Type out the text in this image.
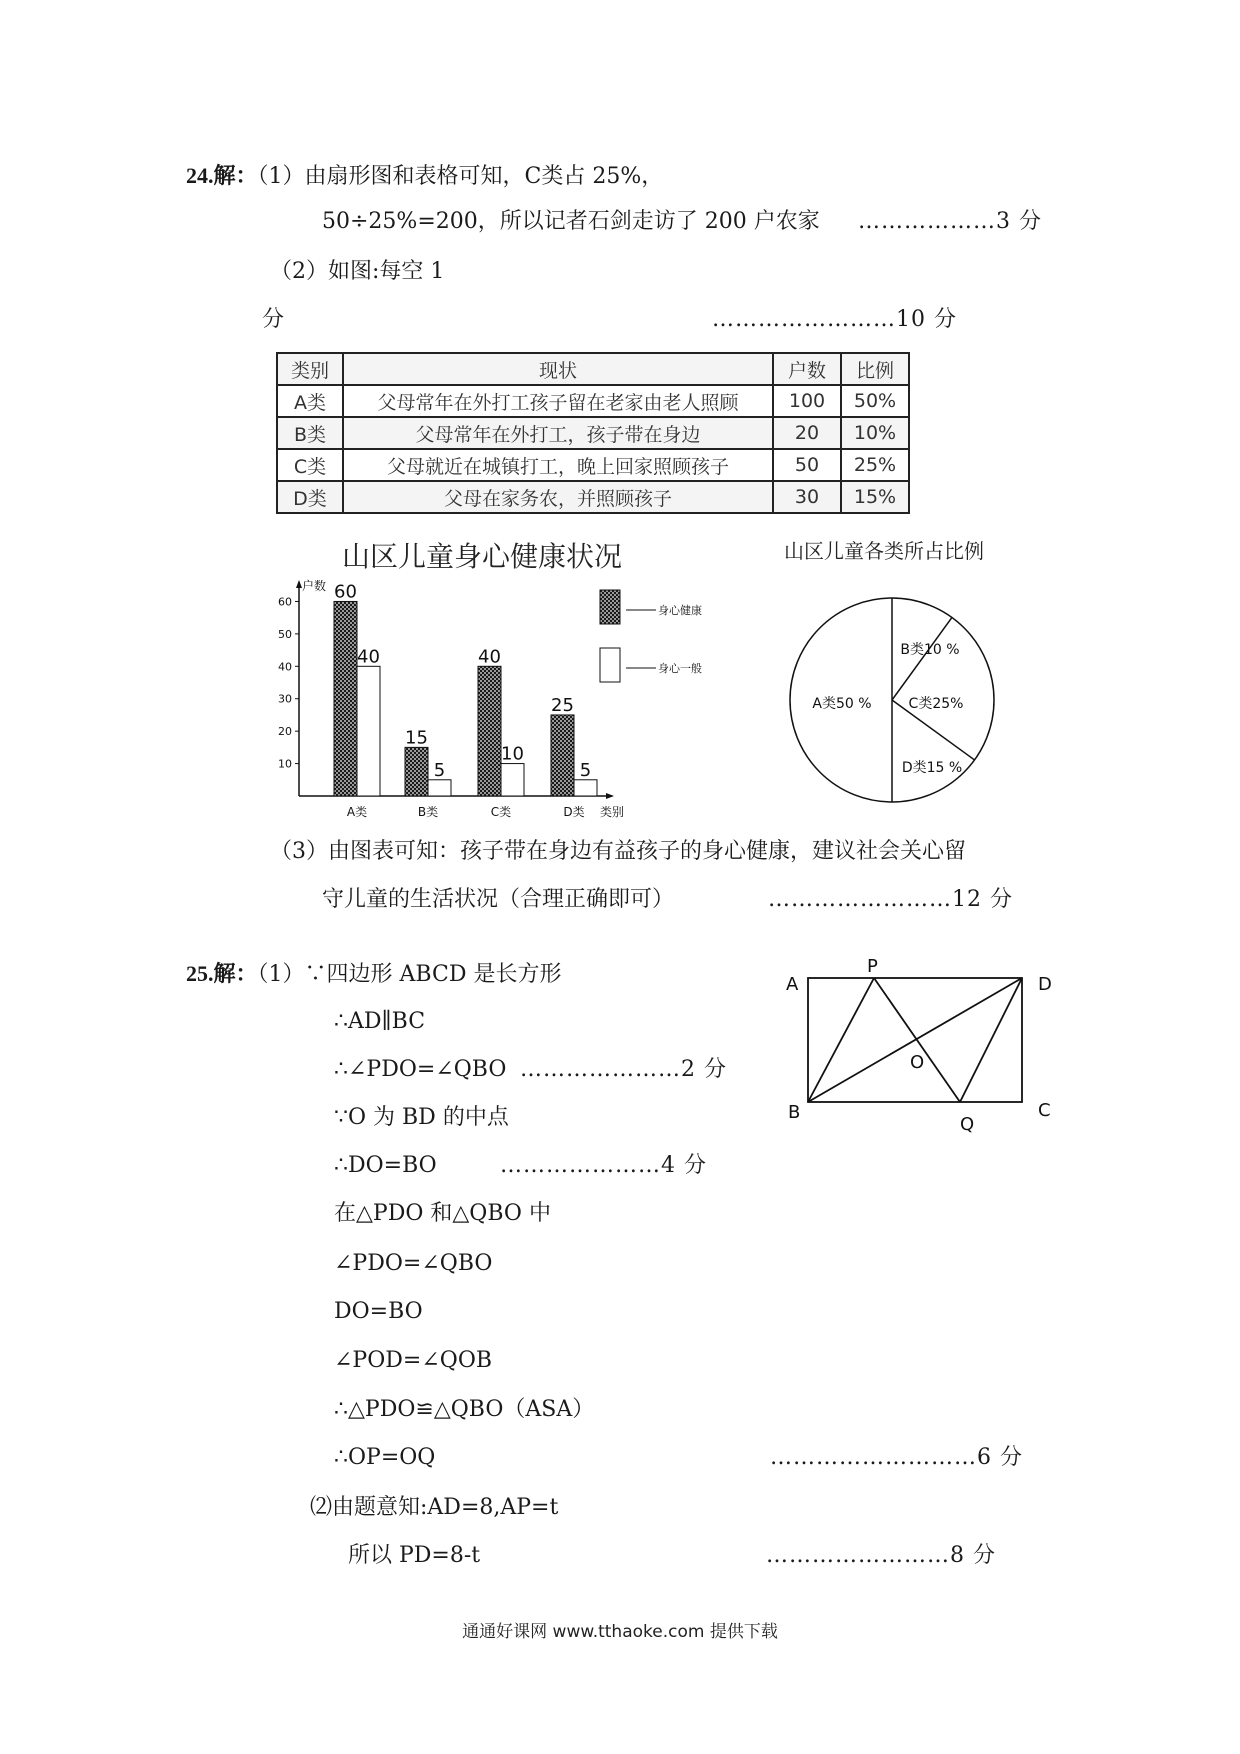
24.解：（1）由扇形图和表格可知，C类占 25%，
50÷25%=200，所以记者石剑走访了 200 户农家 ………………3 分
（2）如图:每空 1
分	……………………10 分
类别	现状	户数	比例
A类	父母常年在外打工孩子留在老家由老人照顾	100	50%
B类	父母常年在外打工，孩子带在身边	20	10%
C类	父母就近在城镇打工，晚上回家照顾孩子	50	25%
D类	父母在家务农，并照顾孩子	30	15%
山区儿童身心健康状况
户数
类别
10
20
30
40
50
60 60
40
A类
15
5
B类
40
10
C类
25
5
D类
身心健康
身心一般
山区儿童各类所占比例
A类50 %
B类10 %
C类25%
D类15 %
（3）由图表可知：孩子带在身边有益孩子的身心健康，建议社会关心留
守儿童的生活状况（合理正确即可）	……………………12 分
25.解：（1）∵四边形 ABCD 是长方形
∴AD∥BC
∴∠PDO=∠QBO …………………2 分
∵O 为 BD 的中点
∴DO=BO	…………………4 分
在△PDO 和△QBO 中
∠PDO=∠QBO
DO=BO
∠POD=∠QOB
∴△PDO≌△QBO（ASA）
∴OP=OQ	………………………6 分
⑵由题意知:AD=8,AP=t
所以 PD=8-t	……………………8 分
A
P
D
O
B
Q
C
通通好课网 www.tthaoke.com 提供下载
